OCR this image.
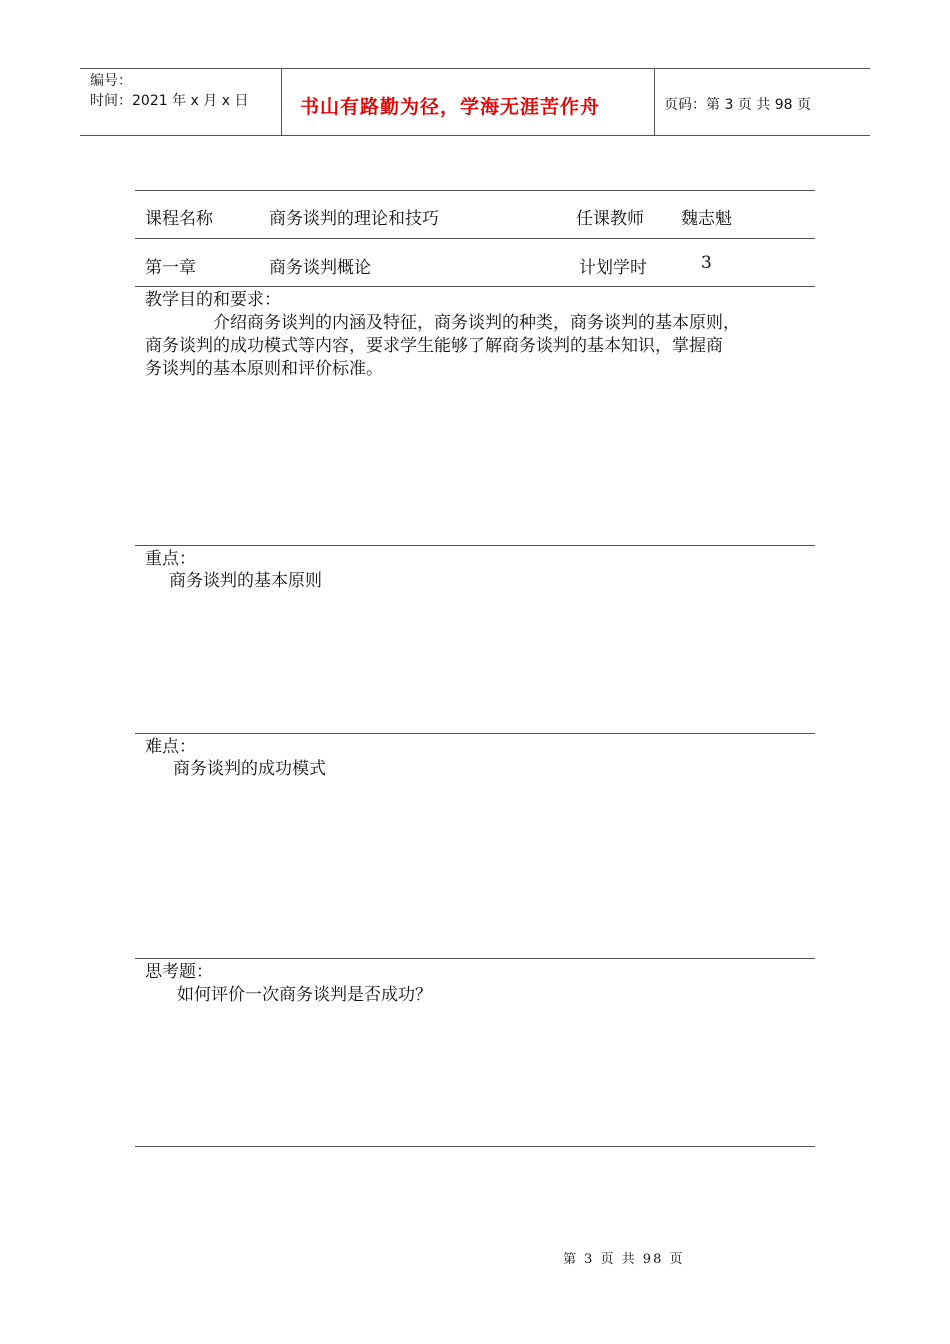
编号：
时间：2021 年 x 月 x 日	书山有路勤为径，学海无涯苦作舟	页码：第 3 页 共 98 页
课程名称	商务谈判的理论和技巧	任课教师 魏志魁
第一章	商务谈判概论	计划学时	3
教学目的和要求：
介绍商务谈判的内涵及特征，商务谈判的种类，商务谈判的基本原则，
商务谈判的成功模式等内容，要求学生能够了解商务谈判的基本知识，掌握商
务谈判的基本原则和评价标准。
重点：
商务谈判的基本原则
难点：
商务谈判的成功模式
思考题：
如何评价一次商务谈判是否成功？
第 3 页 共 98 页
